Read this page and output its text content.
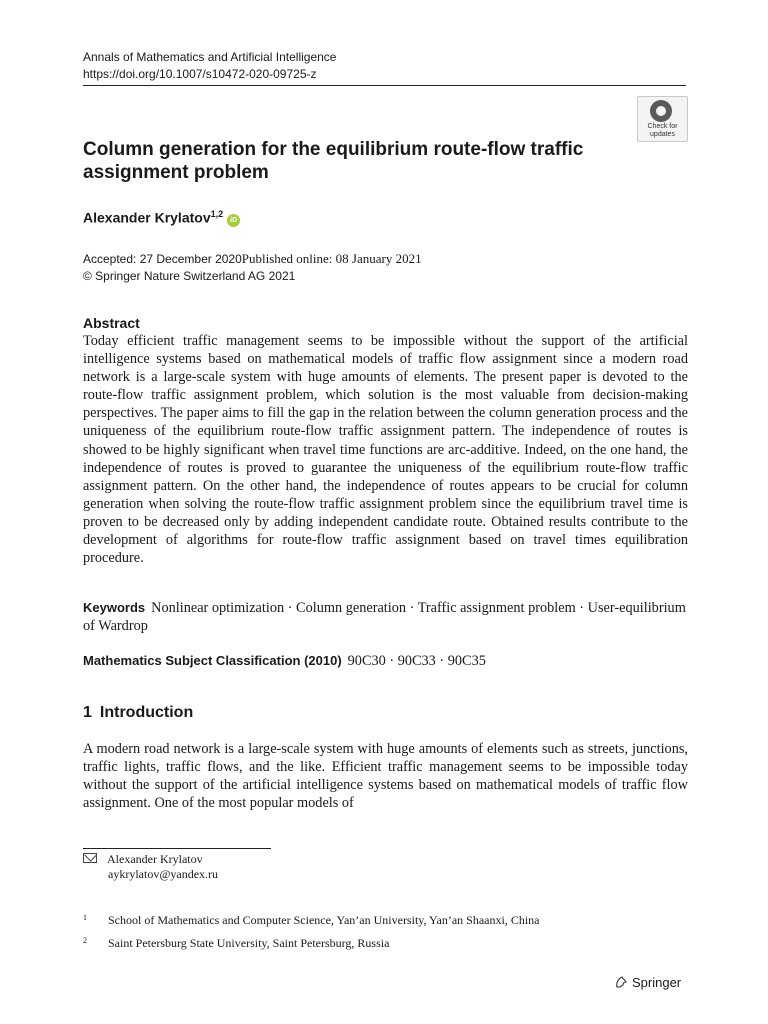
Annals of Mathematics and Artificial Intelligence
https://doi.org/10.1007/s10472-020-09725-z
Check for
updates
Column generation for the equilibrium route-flow traffic assignment problem
Alexander Krylatov$^{1,2}$iD
Accepted: 27 December 2020Published online: 08 January 2021
© Springer Nature Switzerland AG 2021
Abstract
Today efficient traffic management seems to be impossible without the support of the artificial intelligence systems based on mathematical models of traffic flow assignment since a modern road network is a large-scale system with huge amounts of elements. The present paper is devoted to the route-flow traffic assignment problem, which solution is the most valuable from decision-making perspectives. The paper aims to fill the gap in the relation between the column generation process and the uniqueness of the equilibrium route-flow traffic assignment pattern. The independence of routes is showed to be highly significant when travel time functions are arc-additive. Indeed, on the one hand, the independence of routes is proved to guarantee the uniqueness of the equilibrium route-flow traffic assignment pattern. On the other hand, the independence of routes appears to be crucial for column generation when solving the route-flow traffic assignment problem since the equilibrium travel time is proven to be decreased only by adding independent candidate route. Obtained results contribute to the development of algorithms for route-flow traffic assignment based on travel times equilibration procedure.
Keywords Nonlinear optimization · Column generation · Traffic assignment problem · User-equilibrium of Wardrop
Mathematics Subject Classification (2010) 90C30 · 90C33 · 90C35
1 Introduction
A modern road network is a large-scale system with huge amounts of elements such as streets, junctions, traffic lights, traffic flows, and the like. Efficient traffic management seems to be impossible today without the support of the artificial intelligence systems based on mathematical models of traffic flow assignment. One of the most popular models of
Alexander Krylatov
aykrylatov@yandex.ru
$^1$ School of Mathematics and Computer Science, Yan’an University, Yan’an Shaanxi, China
$^2$ Saint Petersburg State University, Saint Petersburg, Russia
Springer
